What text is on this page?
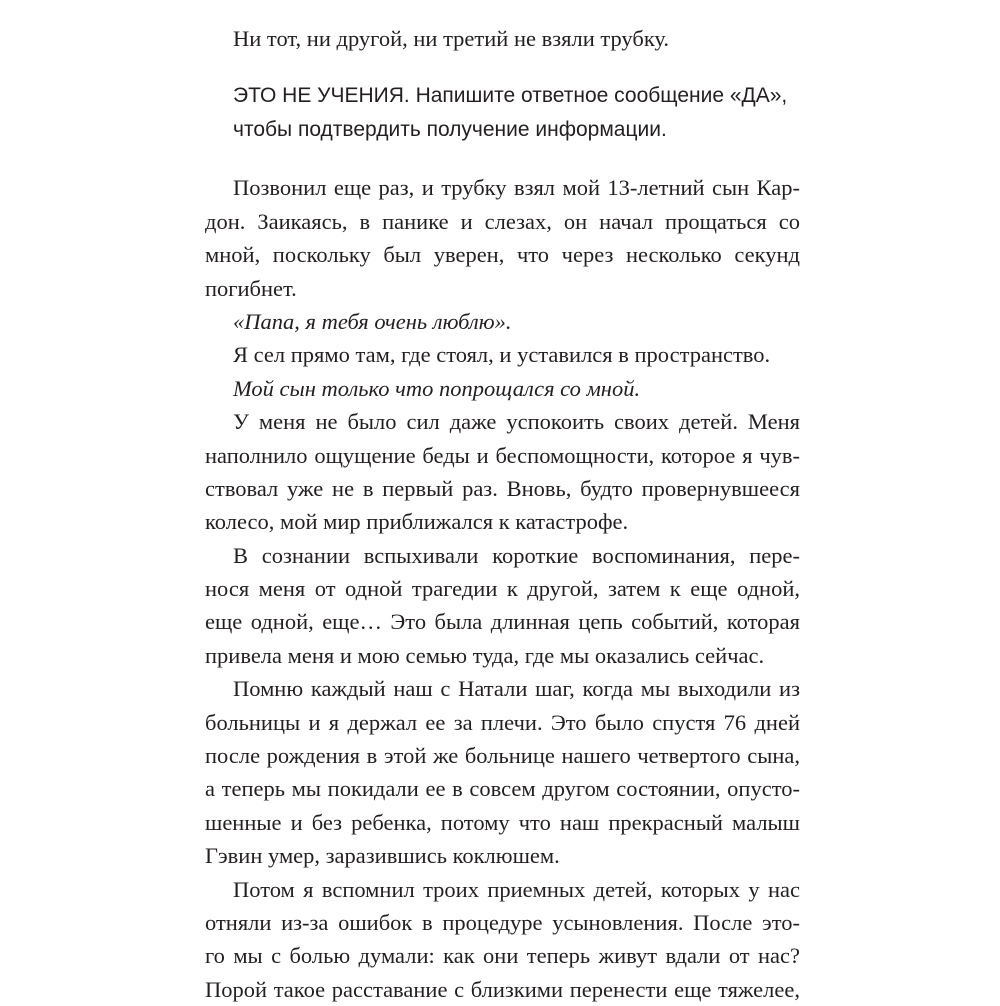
Ни тот, ни другой, ни третий не взяли трубку.
ЭТО НЕ УЧЕНИЯ. Напишите ответное сообщение «ДА»,
чтобы подтвердить получение информации.
Позвонил еще раз, и трубку взял мой 13-летний сын Кар-
дон. Заикаясь, в панике и слезах, он начал прощаться со
мной, поскольку был уверен, что через несколько секунд
погибнет.
«Папа, я тебя очень люблю».
Я сел прямо там, где стоял, и уставился в пространство.
Мой сын только что попрощался со мной.
У меня не было сил даже успокоить своих детей. Меня
наполнило ощущение беды и беспомощности, которое я чув-
ствовал уже не в первый раз. Вновь, будто провернувшееся
колесо, мой мир приближался к катастрофе.
В сознании вспыхивали короткие воспоминания, пере-
нося меня от одной трагедии к другой, затем к еще одной,
еще одной, еще… Это была длинная цепь событий, которая
привела меня и мою семью туда, где мы оказались сейчас.
Помню каждый наш с Натали шаг, когда мы выходили из
больницы и я держал ее за плечи. Это было спустя 76 дней
после рождения в этой же больнице нашего четвертого сына,
а теперь мы покидали ее в совсем другом состоянии, опусто-
шенные и без ребенка, потому что наш прекрасный малыш
Гэвин умер, заразившись коклюшем.
Потом я вспомнил троих приемных детей, которых у нас
отняли из-за ошибок в процедуре усыновления. После это-
го мы с болью думали: как они теперь живут вдали от нас?
Порой такое расставание с близкими перенести еще тяжелее,
